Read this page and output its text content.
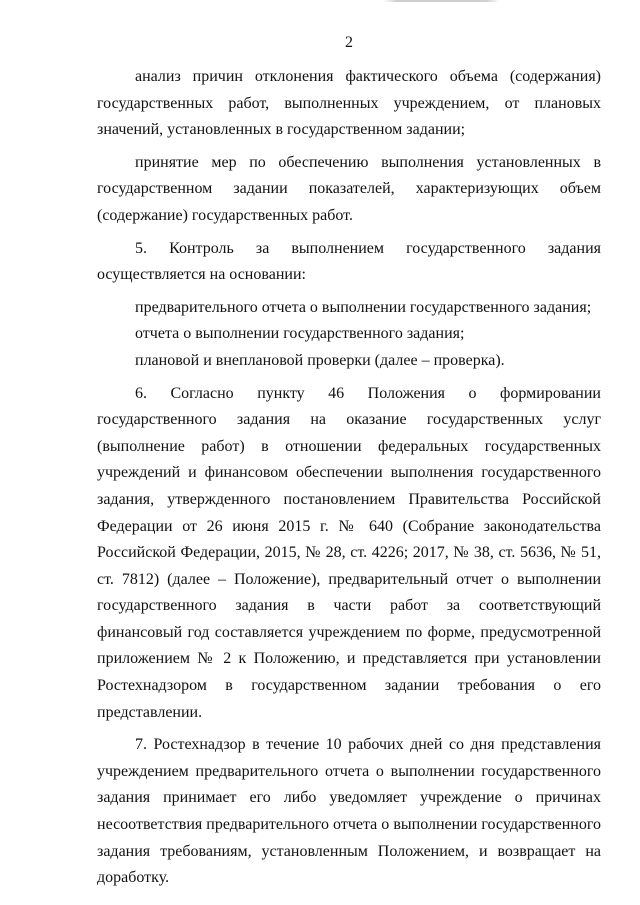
2

анализ причин отклонения фактического объема (содержания) государственных работ, выполненных учреждением, от плановых значений, установленных в государственном задании;

принятие мер по обеспечению выполнения установленных в государственном задании показателей, характеризующих объем (содержание) государственных работ.

5. Контроль за выполнением государственного задания осуществляется на основании:

предварительного отчета о выполнении государственного задания;

отчета о выполнении государственного задания;

плановой и внеплановой проверки (далее – проверка).

6. Согласно пункту 46 Положения о формировании государственного задания на оказание государственных услуг (выполнение работ) в отношении федеральных государственных учреждений и финансовом обеспечении выполнения государственного задания, утвержденного постановлением Правительства Российской Федерации от 26 июня 2015 г. № 640 (Собрание законодательства Российской Федерации, 2015, № 28, ст. 4226; 2017, № 38, ст. 5636, № 51, ст. 7812) (далее – Положение), предварительный отчет о выполнении государственного задания в части работ за соответствующий финансовый год составляется учреждением по форме, предусмотренной приложением № 2 к Положению, и представляется при установлении Ростехнадзором в государственном задании требования о его представлении.

7. Ростехнадзор в течение 10 рабочих дней со дня представления учреждением предварительного отчета о выполнении государственного задания принимает его либо уведомляет учреждение о причинах несоответствия предварительного отчета о выполнении государственного задания требованиям, установленным Положением, и возвращает на доработку.
